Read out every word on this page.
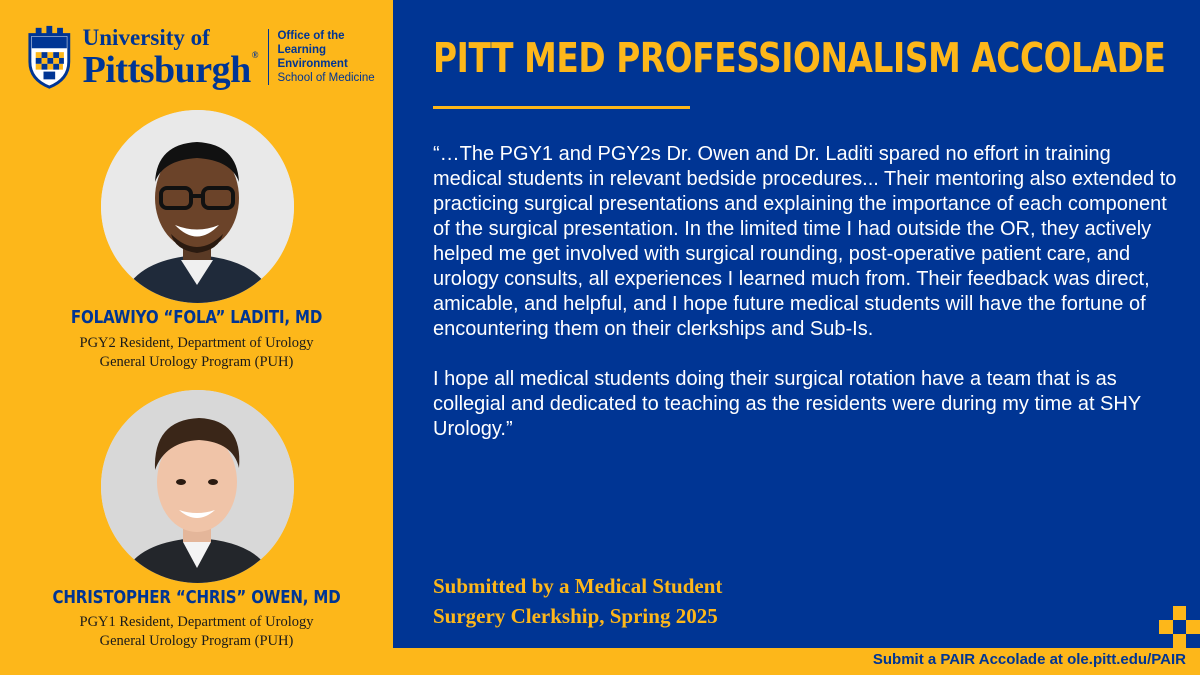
University of
Pittsburgh®
Office of the Learning
Environment
School of Medicine
FOLAWIYO “FOLA” LADITI, MD
PGY2 Resident, Department of Urology
General Urology Program (PUH)
CHRISTOPHER “CHRIS” OWEN, MD
PGY1 Resident, Department of Urology
General Urology Program (PUH)
PITT MED PROFESSIONALISM ACCOLADE

“…The PGY1 and PGY2s Dr. Owen and Dr. Laditi spared no effort in training medical students in relevant bedside procedures... Their mentoring also extended to practicing surgical presentations and explaining the importance of each component of the surgical presentation. In the limited time I had outside the OR, they actively helped me get involved with surgical rounding, post-operative patient care, and urology consults, all experiences I learned much from. Their feedback was direct, amicable, and helpful, and I hope future medical students will have the fortune of encountering them on their clerkships and Sub-Is.

I hope all medical students doing their surgical rotation have a team that is as collegial and dedicated to teaching as the residents were during my time at SHY Urology.”

Submitted by a Medical Student
Surgery Clerkship, Spring 2025
Submit a PAIR Accolade at ole.pitt.edu/PAIR
